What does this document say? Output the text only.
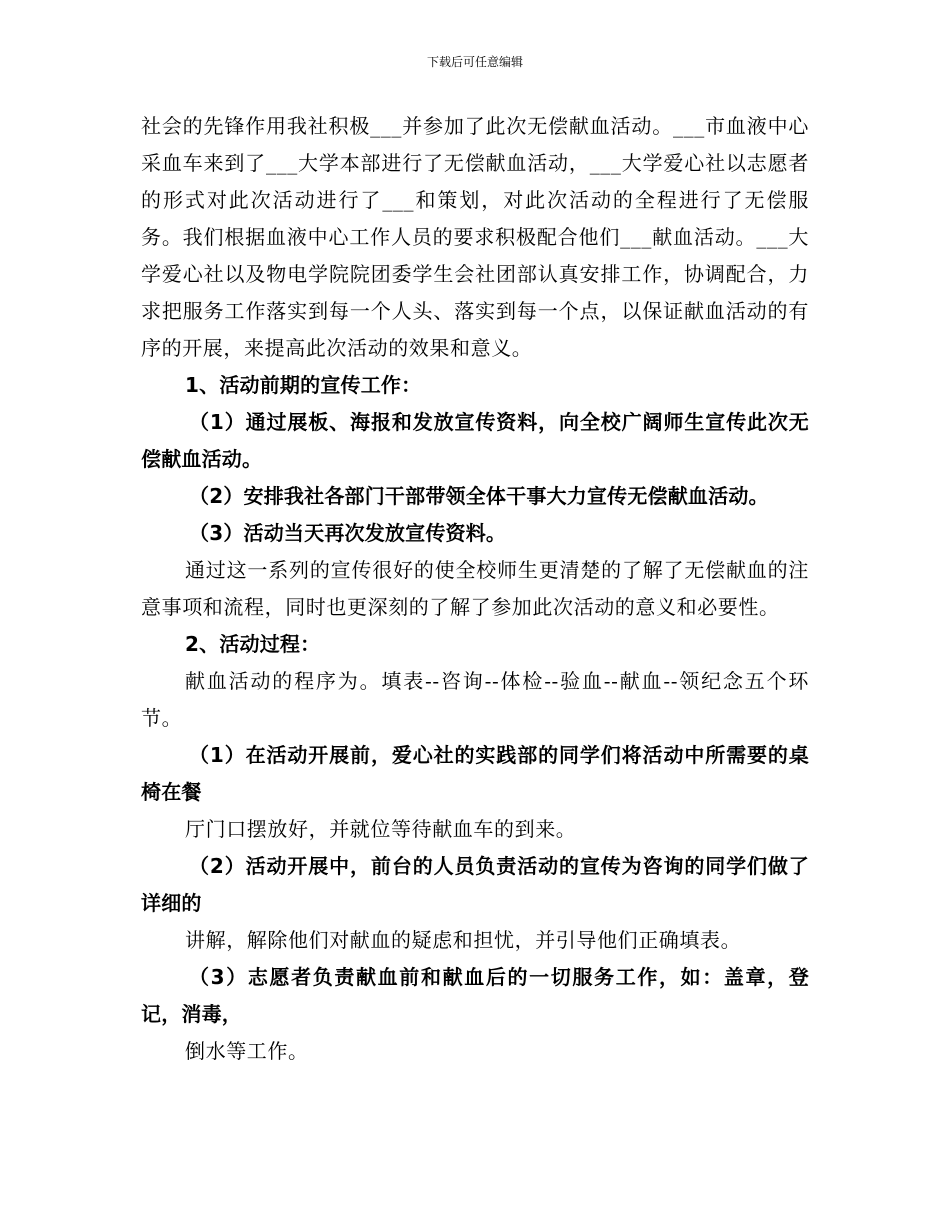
下载后可任意编辑

社会的先锋作用我社积极___并参加了此次无偿献血活动。___市血液中心采血车来到了___大学本部进行了无偿献血活动，___大学爱心社以志愿者的形式对此次活动进行了___和策划，对此次活动的全程进行了无偿服务。我们根据血液中心工作人员的要求积极配合他们___献血活动。___大学爱心社以及物电学院院团委学生会社团部认真安排工作，协调配合，力求把服务工作落实到每一个人头、落实到每一个点，以保证献血活动的有序的开展，来提高此次活动的效果和意义。

1、活动前期的宣传工作：

（1）通过展板、海报和发放宣传资料，向全校广阔师生宣传此次无偿献血活动。

（2）安排我社各部门干部带领全体干事大力宣传无偿献血活动。

（3）活动当天再次发放宣传资料。

通过这一系列的宣传很好的使全校师生更清楚的了解了无偿献血的注意事项和流程，同时也更深刻的了解了参加此次活动的意义和必要性。

2、活动过程：

献血活动的程序为。填表--咨询--体检--验血--献血--领纪念五个环节。

（1）在活动开展前，爱心社的实践部的同学们将活动中所需要的桌椅在餐

厅门口摆放好，并就位等待献血车的到来。

（2）活动开展中，前台的人员负责活动的宣传为咨询的同学们做了详细的

讲解，解除他们对献血的疑虑和担忧，并引导他们正确填表。

（3）志愿者负责献血前和献血后的一切服务工作，如：盖章，登记，消毒，

倒水等工作。
